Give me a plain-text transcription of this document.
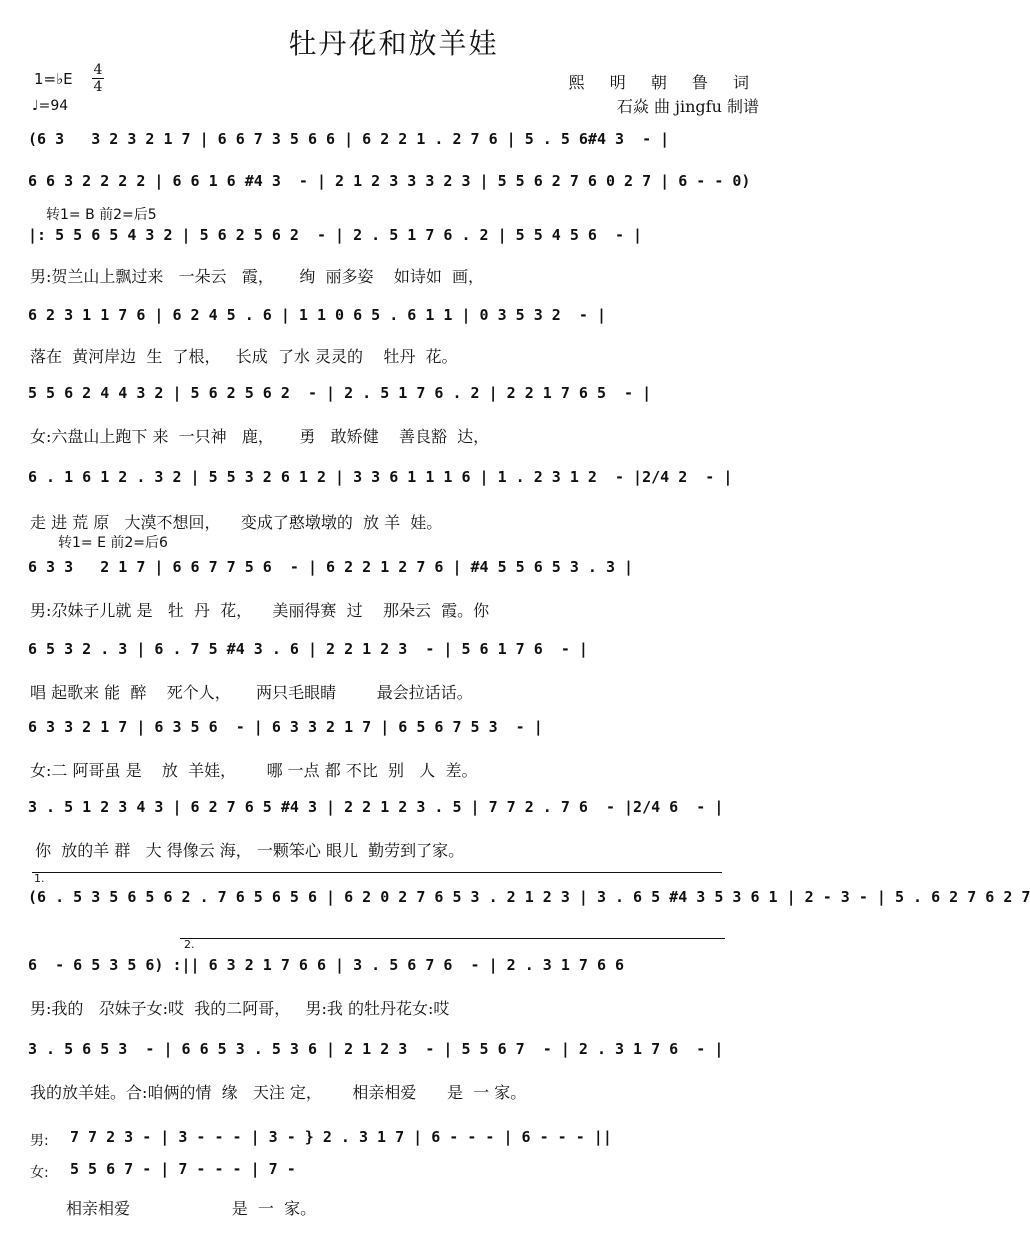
牡丹花和放羊娃
1=♭E 4
4
♩=94
熙 明 朝 鲁 词
石焱 曲 jingfu 制谱
(6 3   3 2 3 2 1 7 | 6 6 7 3 5 6 6 | 6 2 2 1 . 2 7 6 | 5 . 5 6#4 3  - |
6 6 3 2 2 2 2 | 6 6 1 6 #4 3  - | 2 1 2 3 3 3 2 3 | 5 5 6 2 7 6 0 2 7 | 6 - - 0)
转1= B 前2=后5
|: 5 5 6 5 4 3 2 | 5 6 2 5 6 2  - | 2 . 5 1 7 6 . 2 | 5 5 4 5 6  - |
男:贺兰山上飘过来   一朵云   霞，     绚  丽多姿    如诗如  画，
6 2 3 1 1 7 6 | 6 2 4 5 . 6 | 1 1 0 6 5 . 6 1 1 | 0 3 5 3 2  - |
落在  黄河岸边  生  了根，   长成  了水 灵灵的    牡丹  花。
5 5 6 2 4 4 3 2 | 5 6 2 5 6 2  - | 2 . 5 1 7 6 . 2 | 2 2 1 7 6 5  - |
女:六盘山上跑下 来  一只神   鹿，     勇   敢矫健    善良豁  达，
6 . 1 6 1 2 . 3 2 | 5 5 3 2 6 1 2 | 3 3 6 1 1 1 6 | 1 . 2 3 1 2  - |2/4 2  - |
走 进 荒 原   大漠不想回，    变成了憨墩墩的  放 羊  娃。
转1= E 前2=后6
6 3 3   2 1 7 | 6 6 7 7 5 6  - | 6 2 2 1 2 7 6 | #4 5 5 6 5 3 . 3 |
男:尕妹子儿就 是   牡  丹  花，    美丽得赛  过    那朵云  霞。你
6 5 3 2 . 3 | 6 . 7 5 #4 3 . 6 | 2 2 1 2 3  - | 5 6 1 7 6  - |
唱 起歌来 能  醉    死个人，     两只毛眼睛        最会拉话话。
6 3 3 2 1 7 | 6 3 5 6  - | 6 3 3 2 1 7 | 6 5 6 7 5 3  - |
女:二 阿哥虽 是    放  羊娃，      哪 一点 都 不比  别   人  差。
3 . 5 1 2 3 4 3 | 6 2 7 6 5 #4 3 | 2 2 1 2 3 . 5 | 7 7 2 . 7 6  - |2/4 6  - |
你  放的羊 群   大 得像云 海， 一颗笨心 眼儿  勤劳到了家。
1.
(6 . 5 3 5 6 5 6 2 . 7 6 5 6 5 6 | 6 2 0 2 7 6 5 3 . 2 1 2 3 | 3 . 6 5 #4 3 5 3 6 1 | 2 - 3 - | 5 . 6 2 7 6 2 7
2.
6  - 6 5 3 5 6) :|| 6 3 2 1 7 6 6 | 3 . 5 6 7 6  - | 2 . 3 1 7 6 6
男:我的   尕妹子女:哎  我的二阿哥，   男:我 的牡丹花女:哎
3 . 5 6 5 3  - | 6 6 5 3 . 5 3 6 | 2 1 2 3  - | 5 5 6 7  - | 2 . 3 1 7 6  - |
我的放羊娃。合:咱俩的情  缘   天注 定，      相亲相爱      是  一 家。
男:
女:
7 7 2 3 - | 3 - - - | 3 - } 2 . 3 1 7 | 6 - - - | 6 - - - ||
5 5 6 7 - | 7 - - - | 7 -
相亲相爱                    是  一  家。
